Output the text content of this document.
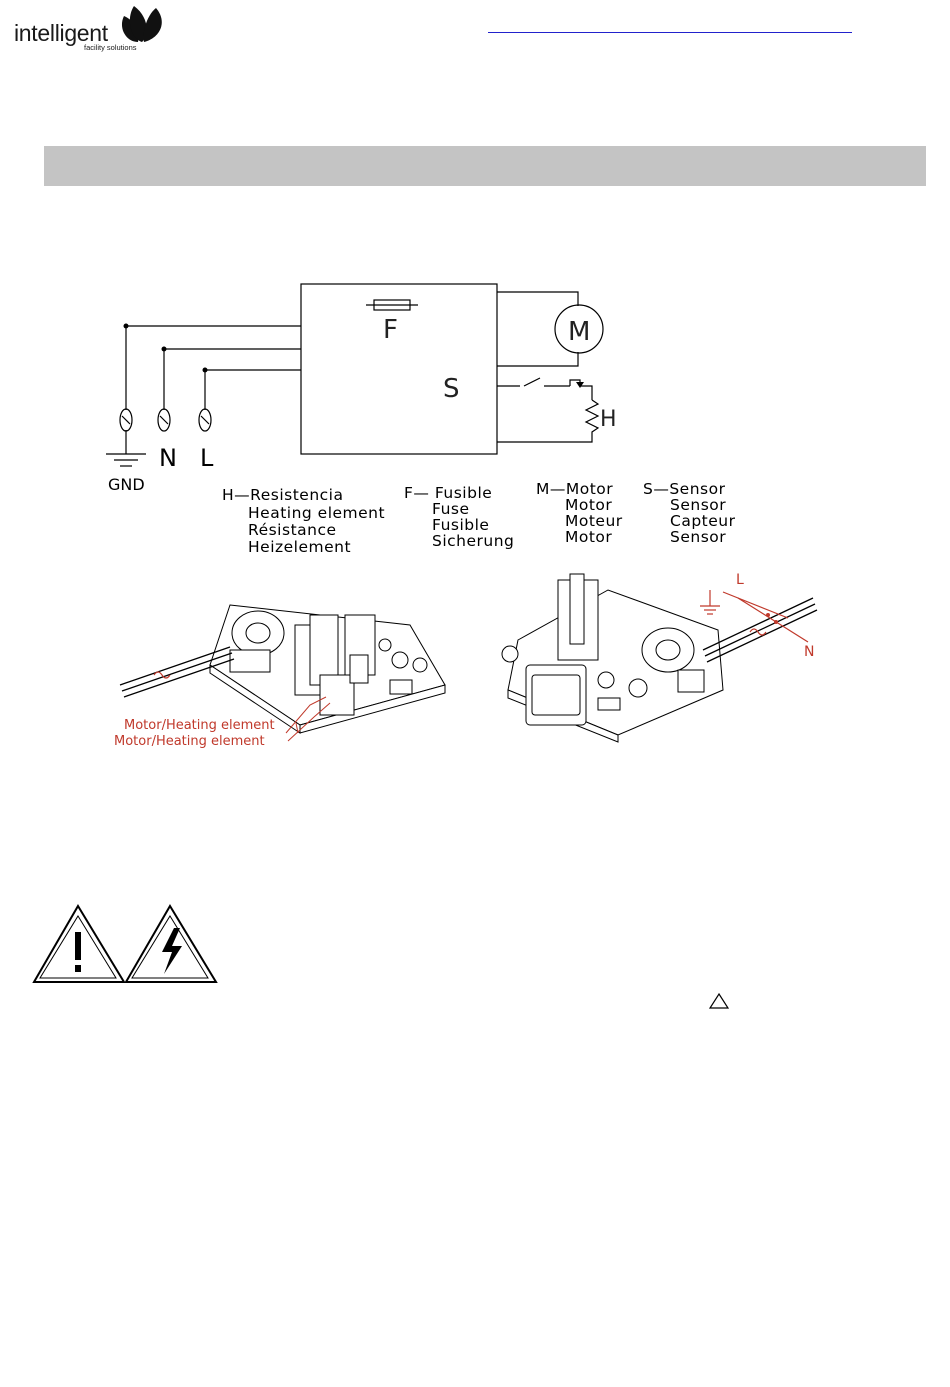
intelligent
facility solutions
F	M
S
H
GND
N L
H—Resistencia
Heating element
Résistance
Heizelement
F— Fusible
Fuse
Fusible
Sicherung
M—Motor
Motor
Moteur
Motor
S—Sensor
Sensor
Capteur
Sensor
Motor/Heating element
Motor/Heating element
L
N
